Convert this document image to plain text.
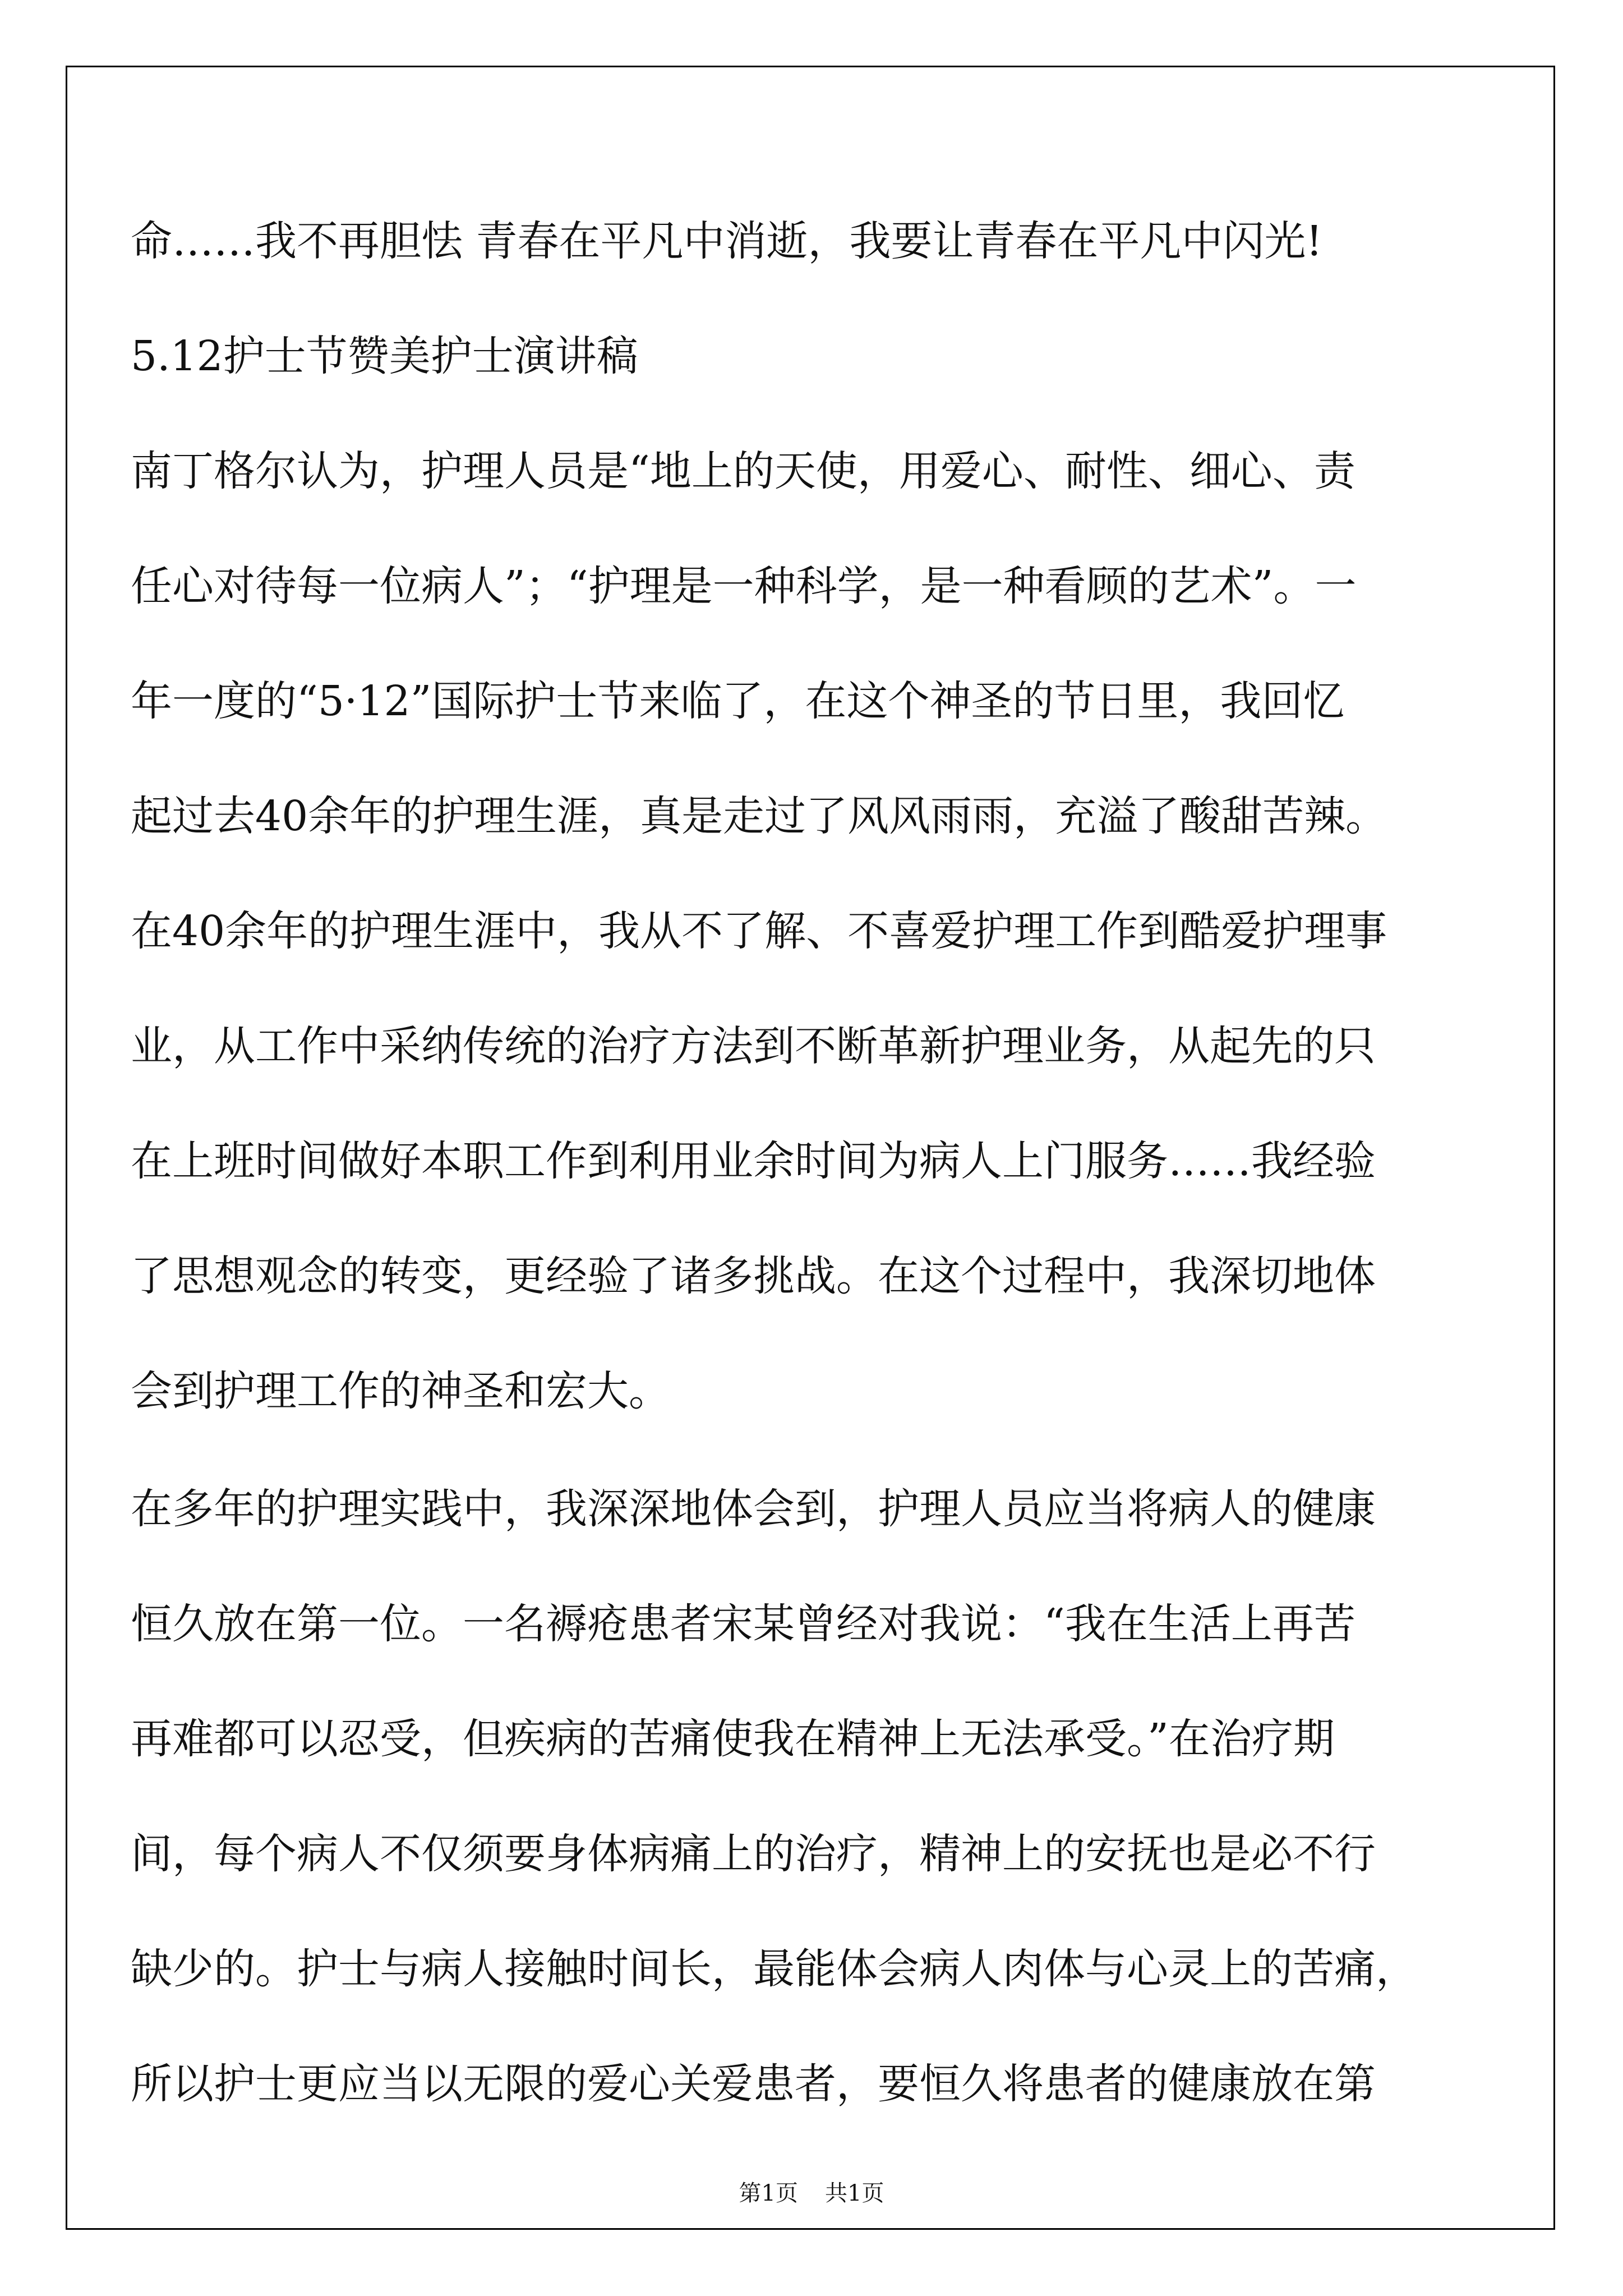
命……我不再胆怯 青春在平凡中消逝，我要让青春在平凡中闪光!

5.12护士节赞美护士演讲稿

南丁格尔认为，护理人员是“地上的天使，用爱心、耐性、细心、责

任心对待每一位病人”；“护理是一种科学，是一种看顾的艺术”。一

年一度的“5·12”国际护士节来临了，在这个神圣的节日里，我回忆

起过去40余年的护理生涯，真是走过了风风雨雨，充溢了酸甜苦辣。

在40余年的护理生涯中，我从不了解、不喜爱护理工作到酷爱护理事

业，从工作中采纳传统的治疗方法到不断革新护理业务，从起先的只

在上班时间做好本职工作到利用业余时间为病人上门服务……我经验

了思想观念的转变，更经验了诸多挑战。在这个过程中，我深切地体

会到护理工作的神圣和宏大。

在多年的护理实践中，我深深地体会到，护理人员应当将病人的健康

恒久放在第一位。一名褥疮患者宋某曾经对我说：“我在生活上再苦

再难都可以忍受，但疾病的苦痛使我在精神上无法承受。”在治疗期

间，每个病人不仅须要身体病痛上的治疗，精神上的安抚也是必不行

缺少的。护士与病人接触时间长，最能体会病人肉体与心灵上的苦痛，

所以护士更应当以无限的爱心关爱患者，要恒久将患者的健康放在第

第1页 共1页
